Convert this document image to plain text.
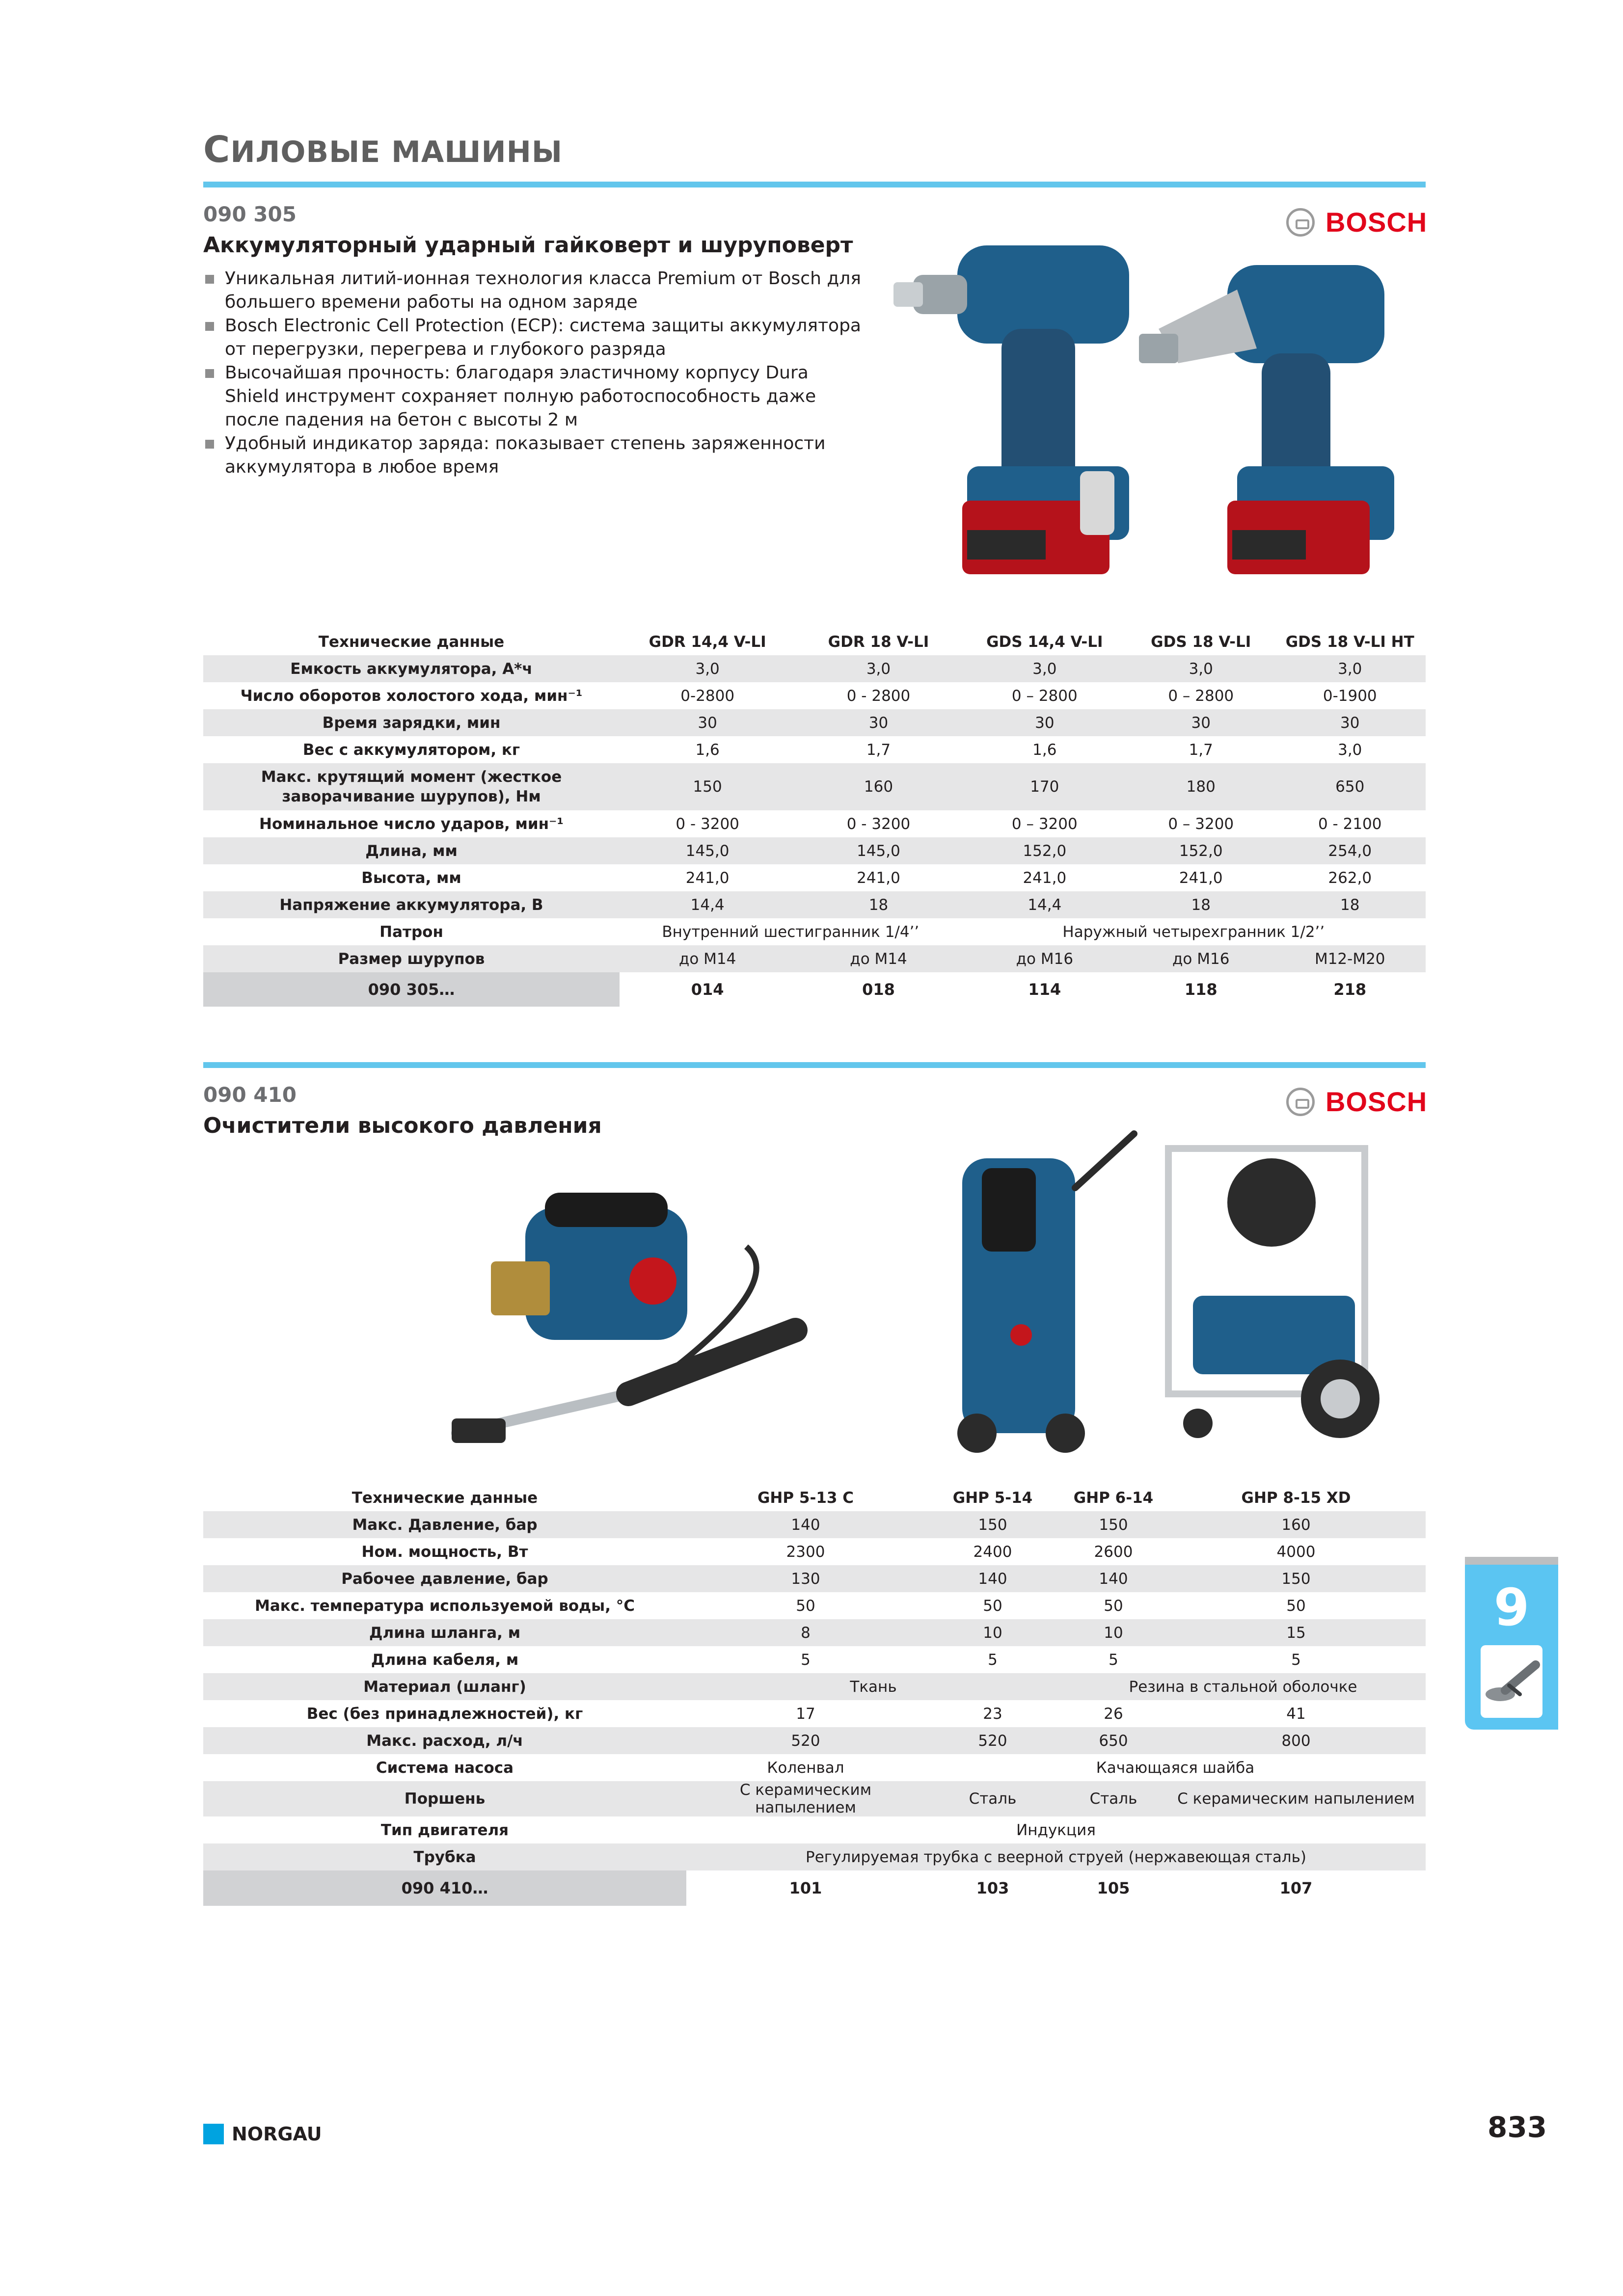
СИЛОВЫЕ МАШИНЫ
090 305
Аккумуляторный ударный гайковерт и шуруповерт
BOSCH
Уникальная литий-ионная технология класса Premium от Bosch для большего времени работы на одном заряде
Bosch Electronic Cell Protection (ECP): система защиты аккумулятора от перегрузки, перегрева и глубокого разряда
Высочайшая прочность: благодаря эластичному корпусу Dura Shield инструмент сохраняет полную работоспособность даже после падения на бетон с высоты 2 м
Удобный индикатор заряда: показывает степень заряженности аккумулятора в любое время
Технические данные	GDR 14,4 V-LI	GDR 18 V-LI	GDS 14,4 V-LI	GDS 18 V-LI	GDS 18 V-LI HT
Емкость аккумулятора, А*ч	3,0	3,0	3,0	3,0	3,0
Число оборотов холостого хода, мин⁻¹	0-2800	0 - 2800	0 – 2800	0 – 2800	0-1900
Время зарядки, мин	30	30	30	30	30
Вес с аккумулятором, кг	1,6	1,7	1,6	1,7	3,0
Макс. крутящий момент (жесткое заворачивание шурупов), Нм	150	160	170	180	650
Номинальное число ударов, мин⁻¹	0 - 3200	0 - 3200	0 – 3200	0 – 3200	0 - 2100
Длина, мм	145,0	145,0	152,0	152,0	254,0
Высота, мм	241,0	241,0	241,0	241,0	262,0
Напряжение аккумулятора, В	14,4	18	14,4	18	18
Патрон	Внутренний шестигранник 1/4’’		Наружный четырехгранник 1/2’’		
Размер шурупов	до М14	до М14	до М16	до М16	M12-M20
090 305…	014	018	114	118	218
090 410
Очистители высокого давления
BOSCH
Технические данные	GHP 5-13 C	GHP 5-14	GHP 6-14	GHP 8-15 XD
Макс. Давление, бар	140	150	150	160
Ном. мощность, Вт	2300	2400	2600	4000
Рабочее давление, бар	130	140	140	150
Макс. температура используемой воды, °C	50	50	50	50
Длина шланга, м	8	10	10	15
Длина кабеля, м	5	5	5	5
Материал (шланг)	Ткань		Резина в стальной оболочке	
Вес (без принадлежностей), кг	17	23	26	41
Макс. расход, л/ч	520	520	650	800
Система насоса	Коленвал	Качающаяся шайба		
Поршень	С керамическим напылением	Сталь	Сталь	С керамическим напылением
Тип двигателя	Индукция			
Трубка	Регулируемая трубка с веерной струей (нержавеющая сталь)			
090 410…	101	103	105	107
9
NORGAU	833
